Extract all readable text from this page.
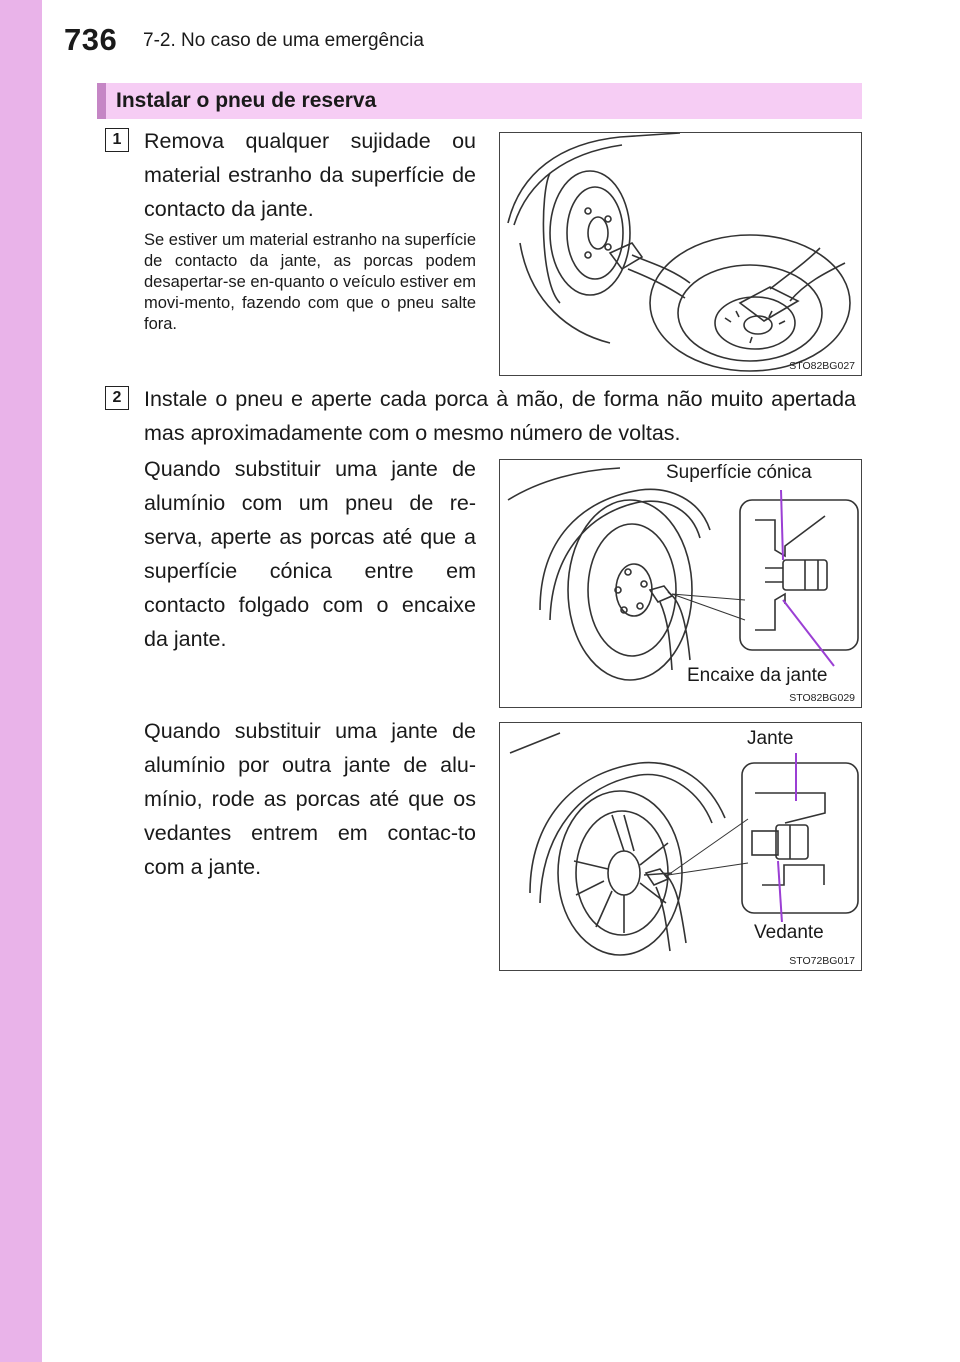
736 7-2. No caso de uma emergência
Instalar o pneu de reserva
1	Remova qualquer sujidade ou material estranho da superfície de contacto da jante.
Se estiver um material estranho na superfície de contacto da jante, as porcas podem desapertar-se en-quanto o veículo estiver em movi-mento, fazendo com que o pneu salte fora.
STO82BG027
2	Instale o pneu e aperte cada porca à mão, de forma não muito apertada mas aproximadamente com o mesmo número de voltas.
Quando substituir uma jante de alumínio com um pneu de re-serva, aperte as porcas até que a superfície cónica entre em contacto folgado com o encaixe da jante.
Superfície cónica
Encaixe da jante
STO82BG029
Quando substituir uma jante de alumínio por outra jante de alu-mínio, rode as porcas até que os vedantes entrem em contac-to com a jante.
Jante
Vedante
STO72BG017
